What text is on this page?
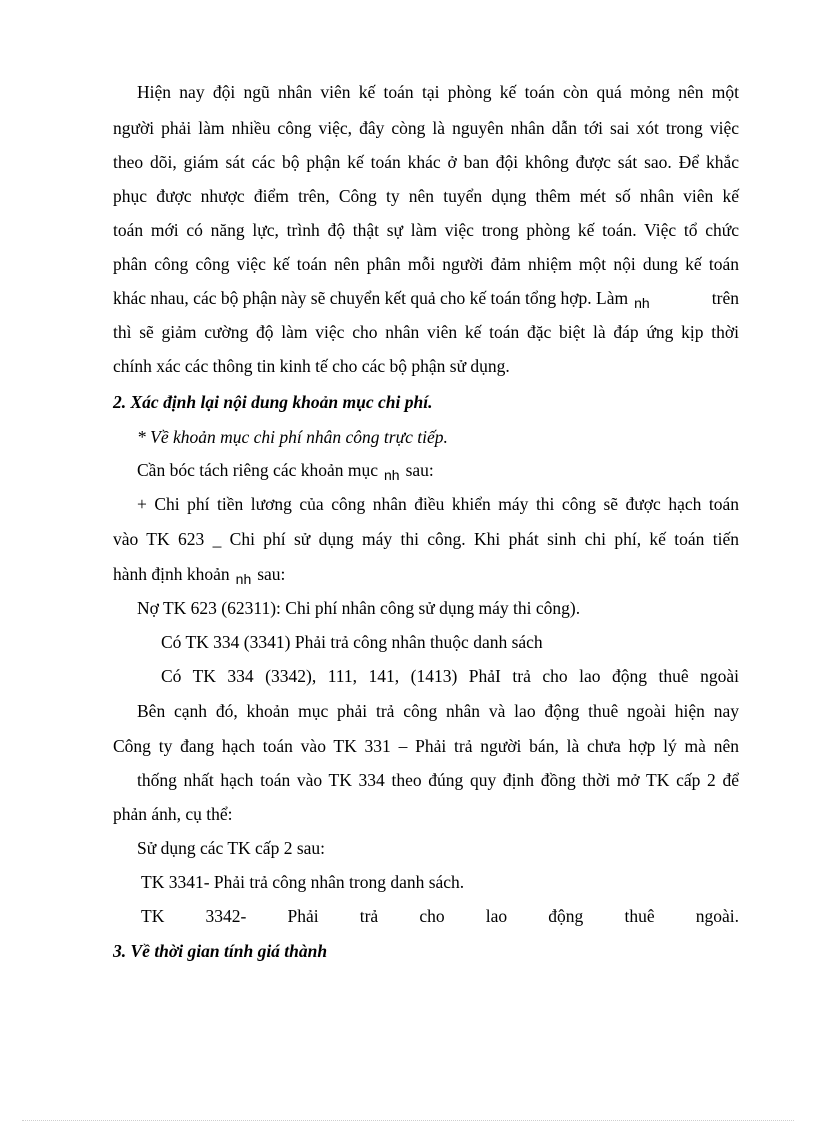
Hiện nay đội ngũ nhân viên kế toán tại phòng kế toán còn quá mỏng nên một
người phải làm nhiều công việc, đây còng là nguyên nhân dẫn tới sai xót trong việc
theo dõi, giám sát các bộ phận kế toán khác ở ban đội không được sát sao. Để khắc
phục được nhược điểm trên, Công ty nên tuyển dụng thêm mét số nhân viên kế
toán mới có năng lực, trình độ thật sự làm việc trong phòng kế toán. Việc tổ chức
phân công công việc kế toán nên phân mỗi người đảm nhiệm một nội dung kế toán
khác nhau, các bộ phận này sẽ chuyển kết quả cho kế toán tổng hợp. Làm nh	trên
thì sẽ giảm cường độ làm việc cho nhân viên kế toán đặc biệt là đáp ứng kịp thời
chính xác các thông tin kinh tế cho các bộ phận sử dụng.
2. Xác định lại nội dung khoản mục chi phí.
* Về khoản mục chi phí nhân công trực tiếp.
Cần bóc tách riêng các khoản mục nh sau:
+ Chi phí tiền lương của công nhân điều khiển máy thi công sẽ được hạch toán
vào TK 623 _ Chi phí sử dụng máy thi công. Khi phát sinh chi phí, kế toán tiến
hành định khoản nh sau:
Nợ TK 623 (62311): Chi phí nhân công sử dụng máy thi công).
Có TK 334 (3341) Phải trả công nhân thuộc danh sách
Có TK 334 (3342), 111, 141, (1413) PhảI trả cho lao động thuê ngoài
Bên cạnh đó, khoản mục phải trả công nhân và lao động thuê ngoài hiện nay
Công ty đang hạch toán vào TK 331 – Phải trả người bán, là chưa hợp lý mà nên
thống nhất hạch toán vào TK 334 theo đúng quy định đồng thời mở TK cấp 2 để
phản ánh, cụ thể:
Sử dụng các TK cấp 2 sau:
TK 3341- Phải trả công nhân trong danh sách.
TK 3342- Phải trả cho lao động thuê ngoài.
3. Về thời gian tính giá thành
